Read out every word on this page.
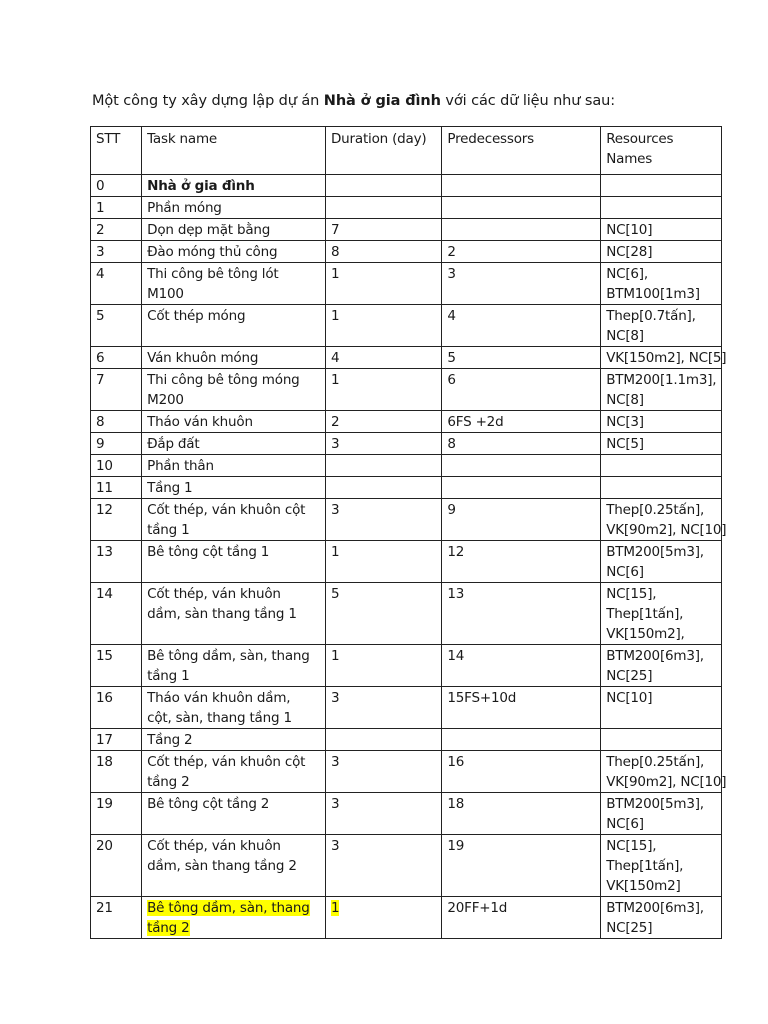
Một công ty xây dựng lập dự án Nhà ở gia đình với các dữ liệu như sau:
STT	Task name	Duration (day)	Predecessors	Resources Names
0	Nhà ở gia đình			
1	Phần móng			
2	Dọn dẹp mặt bằng	7		NC[10]
3	Đào móng thủ công	8	2	NC[28]
4	Thi công bê tông lót
M100	1	3	NC[6],
BTM100[1m3]
5	Cốt thép móng	1	4	Thep[0.7tấn],
NC[8]
6	Ván khuôn móng	4	5	VK[150m2], NC[5]
7	Thi công bê tông móng
M200	1	6	BTM200[1.1m3],
NC[8]
8	Tháo ván khuôn	2	6FS +2d	NC[3]
9	Đắp đất	3	8	NC[5]
10	Phần thân			
11	Tầng 1			
12	Cốt thép, ván khuôn cột
tầng 1	3	9	Thep[0.25tấn],
VK[90m2], NC[10]
13	Bê tông cột tầng 1	1	12	BTM200[5m3],
NC[6]
14	Cốt thép, ván khuôn
dầm, sàn thang tầng 1	5	13	NC[15],
Thep[1tấn],
VK[150m2],
15	Bê tông dầm, sàn, thang
tầng 1	1	14	BTM200[6m3],
NC[25]
16	Tháo ván khuôn dầm,
cột, sàn, thang tầng 1	3	15FS+10d	NC[10]
17	Tầng 2			
18	Cốt thép, ván khuôn cột
tầng 2	3	16	Thep[0.25tấn],
VK[90m2], NC[10]
19	Bê tông cột tầng 2	3	18	BTM200[5m3],
NC[6]
20	Cốt thép, ván khuôn
dầm, sàn thang tầng 2	3	19	NC[15],
Thep[1tấn],
VK[150m2]
21	Bê tông dầm, sàn, thang
tầng 2	1	20FF+1d	BTM200[6m3],
NC[25]
